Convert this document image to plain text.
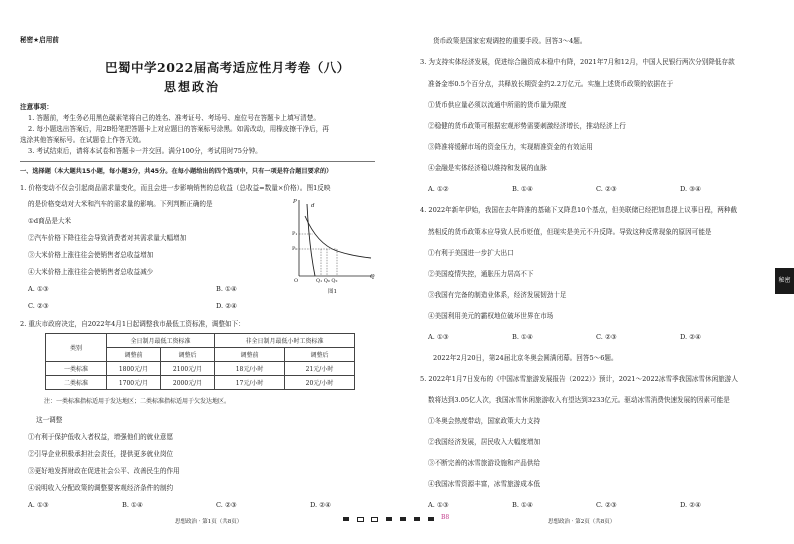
秘密★启用前
巴蜀中学2022届高考适应性月考卷（八）
思想政治
注意事项：
1. 答题前，考生务必用黑色碳素笔将自己的姓名、准考证号、考场号、座位号在答题卡上填写清楚。
2. 每小题选出答案后，用2B铅笔把答题卡上对应题目的答案标号涂黑。如需改动，用橡皮擦干净后，再
选涂其他答案标号。在试题卷上作答无效。
3. 考试结束后，请将本试卷和答题卡一并交回。满分100分，考试用时75分钟。
一、选择题（本大题共15小题，每小题3分，共45分。在每小题给出的四个选项中，只有一项是符合题目要求的）
1. 价格变动不仅会引起商品需求量变化，而且会进一步影响销售的总收益（总收益=数量×价格）。图1反映
的是价格变动对大米和汽车的需求量的影响。下列判断正确的是
①d商品是大米
②汽车价格下降往往会导致消费者对其需求量大幅增加
③大米价格上涨往往会使销售者总收益增加
④大米价格上涨往往会使销售者总收益减少
A. ①③	B. ①④
C. ②③	D. ②④
P
d
P₁
P₀
O	Q₁ Q₀ Q₂
Q
图1
2. 重庆市政府决定，自2022年4月1日起调整我市最低工资标准，调整如下：
类别	全日制月最低工资标准		非全日制月最低小时工资标准	
	调整前	调整后	调整前	调整后
一类标准	1800元/月	2100元/月	18元/小时	21元/小时
二类标准	1700元/月	2000元/月	17元/小时	20元/小时
注：一类标准指标适用于发达地区；二类标准指标适用于欠发达地区。
这一调整
①有利于保护低收入者权益，增强他们的就业意愿
②引导企业积极承担社会责任，提供更多就业岗位
③更好地发挥财政在促进社会公平、改善民生的作用
④说明收入分配政策的调整要客观经济条件的制约
A. ①③	B. ①④	C. ②③	D. ②④
思想政治 · 第1页（共8页）
B8
货币政策是国家宏观调控的重要手段。回答3～4题。
3. 为支持实体经济发展，促进综合融资成本稳中有降，2021年7月和12月，中国人民银行两次分别降低存款
准备金率0.5个百分点，共释放长期资金约2.2万亿元。实施上述货币政策的依据在于
①货币供应量必须以流通中所需的货币量为限度
②稳健的货币政策可根据宏观形势需要刺激经济增长，推动经济上行
③降准将缓解市场的资金压力，实现精准资金的有效运用
④金融是实体经济稳以维持和发展的血脉
A. ①②	B. ①④	C. ②③	D. ③④
4. 2022年新年伊始，我国在去年降准的基础下又降息10个基点，但美联储已经把加息提上议事日程，两种截
然相反的货币政策本应导致人民币贬值，但现实是美元不升反降。导致这种反常现象的原因可能是
①有利于美国进一步扩大出口
②美国疫情失控，通胀压力居高不下
③我国有完备的制造业体系，经济发展韧劲十足
④美国利用美元的霸权地位破坏世界在市场
A. ①③	B. ①④	C. ②③	D. ②④
2022年2月20日，第24届北京冬奥会圆满闭幕。回答5～6题。
5. 2022年1月7日发布的《中国冰雪旅游发展报告（2022）》预计，2021～2022冰雪季我国冰雪休闲旅游人
数将达到3.05亿人次，我国冰雪休闲旅游收入有望达到3233亿元。驱动冰雪消费快速发展的因素可能是
①冬奥会热度带动，国家政策大力支持
②我国经济发展，居民收入大幅度增加
③不断完善的冰雪旅游设施和产品供给
④我国冰雪资源丰富，冰雪旅游成本低
A. ①③	B. ①④	C. ②③	D. ②④
思想政治 · 第2页（共8页）
秘密
